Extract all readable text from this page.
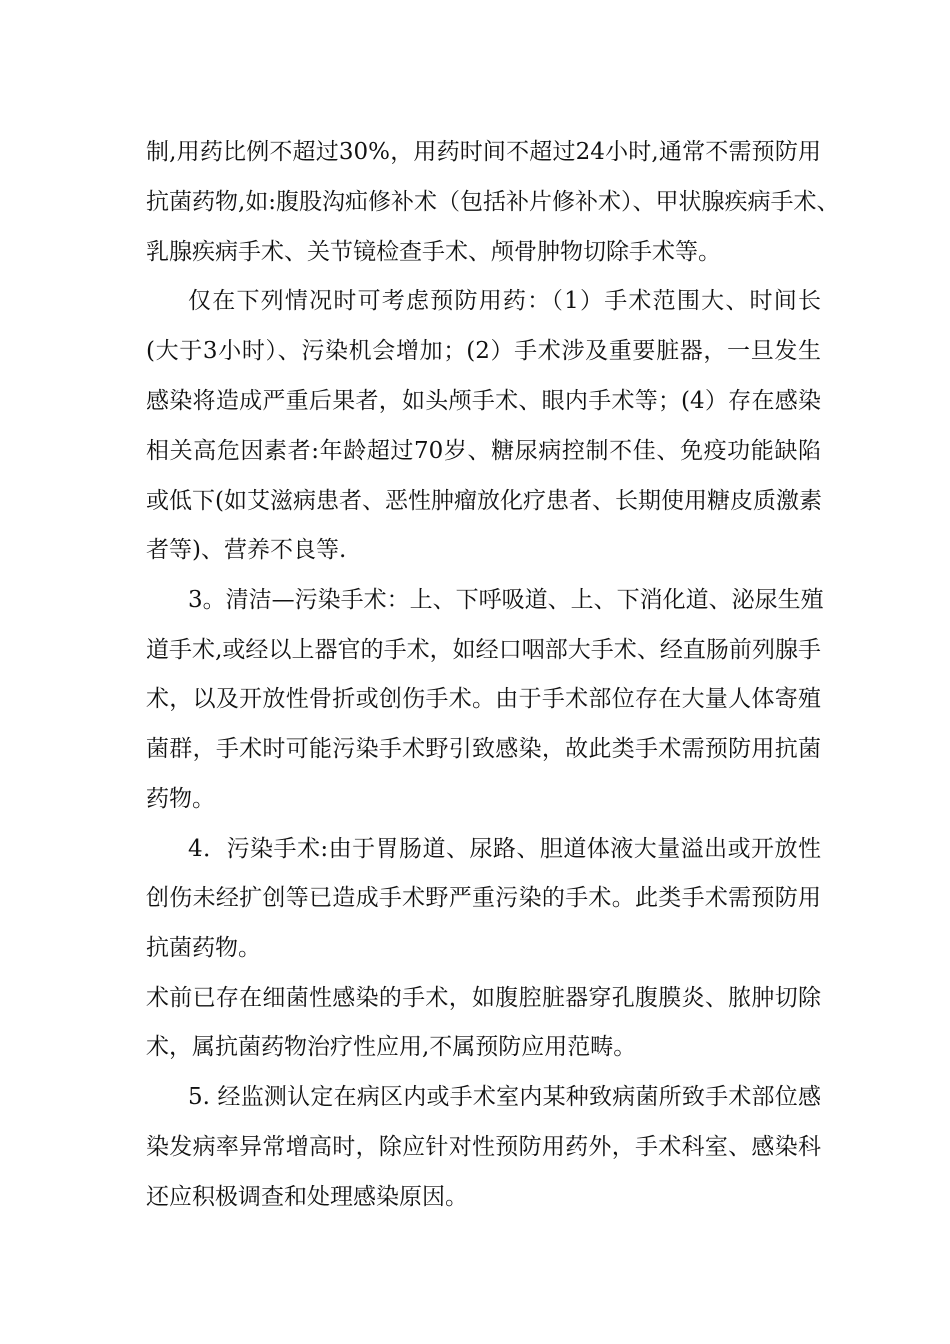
制,用药比例不超过30%，用药时间不超过24小时,通常不需预防用
抗菌药物,如:腹股沟疝修补术（包括补片修补术）、甲状腺疾病手术、
乳腺疾病手术、关节镜检查手术、颅骨肿物切除手术等。
仅在下列情况时可考虑预防用药：（1）手术范围大、时间长
(大于3小时）、污染机会增加；(2）手术涉及重要脏器，一旦发生
感染将造成严重后果者，如头颅手术、眼内手术等；(4）存在感染
相关高危因素者:年龄超过70岁、糖尿病控制不佳、免疫功能缺陷
或低下(如艾滋病患者、恶性肿瘤放化疗患者、长期使用糖皮质激素
者等)、营养不良等.
3。清洁—污染手术：上、下呼吸道、上、下消化道、泌尿生殖
道手术,或经以上器官的手术，如经口咽部大手术、经直肠前列腺手
术，以及开放性骨折或创伤手术。由于手术部位存在大量人体寄殖
菌群，手术时可能污染手术野引致感染，故此类手术需预防用抗菌
药物。
4．污染手术:由于胃肠道、尿路、胆道体液大量溢出或开放性
创伤未经扩创等已造成手术野严重污染的手术。此类手术需预防用
抗菌药物。
术前已存在细菌性感染的手术，如腹腔脏器穿孔腹膜炎、脓肿切除
术，属抗菌药物治疗性应用,不属预防应用范畴。
5. 经监测认定在病区内或手术室内某种致病菌所致手术部位感
染发病率异常增高时，除应针对性预防用药外，手术科室、感染科
还应积极调查和处理感染原因。
